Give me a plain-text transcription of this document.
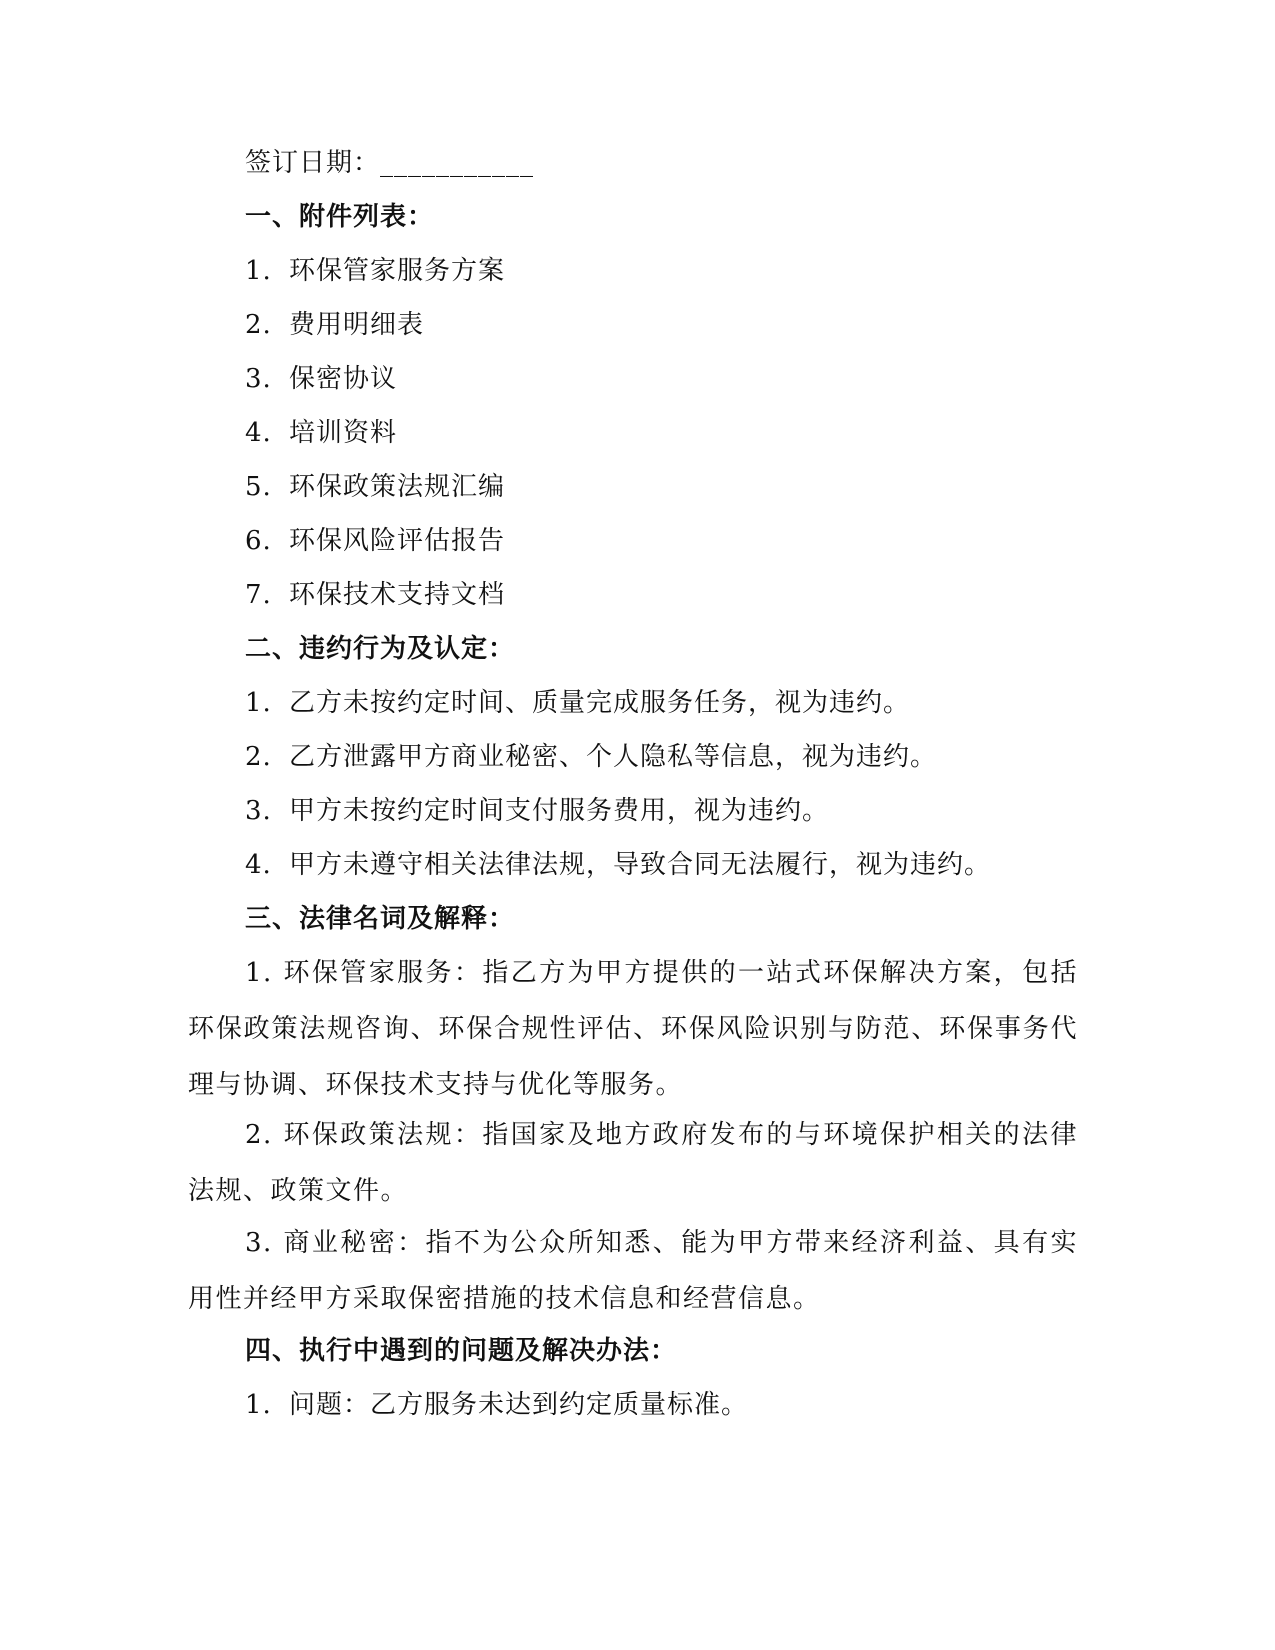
签订日期：___________
一、附件列表：
1. 环保管家服务方案
2. 费用明细表
3. 保密协议
4. 培训资料
5. 环保政策法规汇编
6. 环保风险评估报告
7. 环保技术支持文档
二、违约行为及认定：
1. 乙方未按约定时间、质量完成服务任务，视为违约。
2. 乙方泄露甲方商业秘密、个人隐私等信息，视为违约。
3. 甲方未按约定时间支付服务费用，视为违约。
4. 甲方未遵守相关法律法规，导致合同无法履行，视为违约。
三、法律名词及解释：
1. 环保管家服务：指乙方为甲方提供的一站式环保解决方案，包括环保政策法规咨询、环保合规性评估、环保风险识别与防范、环保事务代理与协调、环保技术支持与优化等服务。
2. 环保政策法规：指国家及地方政府发布的与环境保护相关的法律法规、政策文件。
3. 商业秘密：指不为公众所知悉、能为甲方带来经济利益、具有实用性并经甲方采取保密措施的技术信息和经营信息。
四、执行中遇到的问题及解决办法：
1. 问题：乙方服务未达到约定质量标准。
